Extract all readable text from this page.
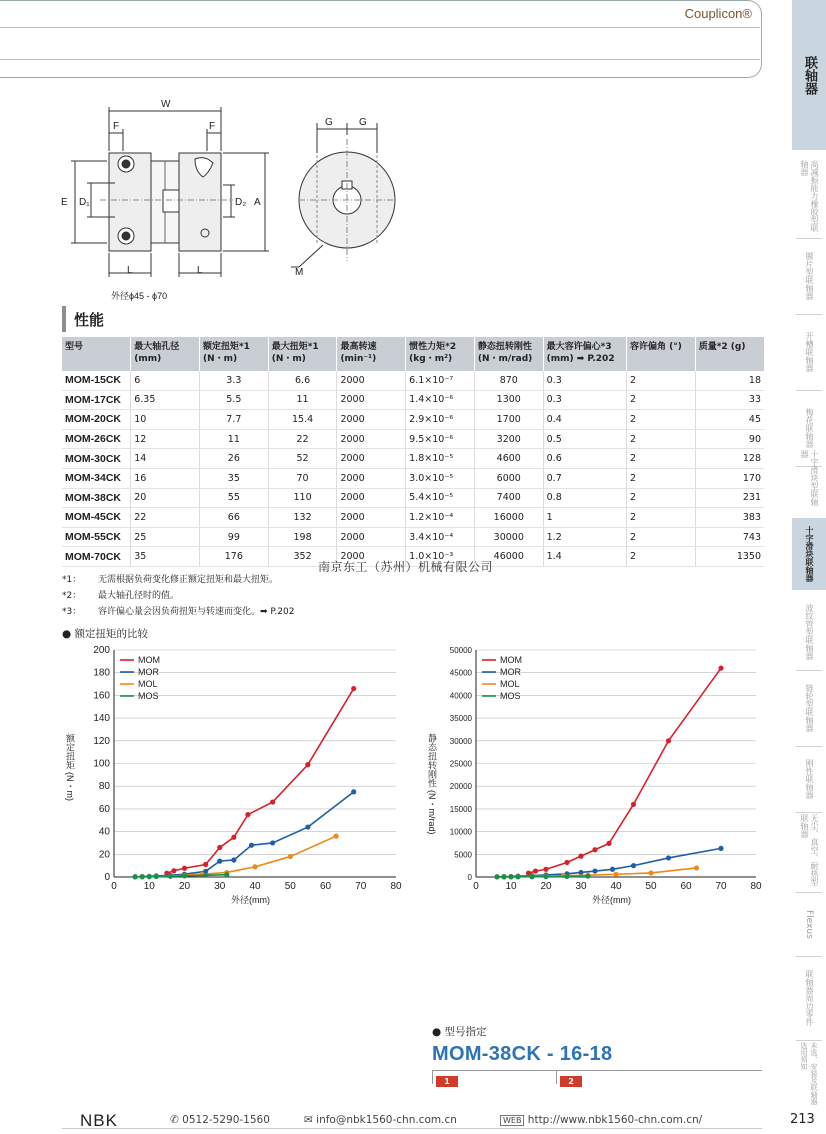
Couplicon®
联轴器
高减振能力橡胶型联轴器
膜片型联轴器
开槽联轴器
梅花联轴器
十字滑块型联轴器
十字滑块联轴器
波纹管型联轴器
链轮型联轴器
刚性联轴器
无尘、真空、耐热型联轴器
Flexus
联轴器周边零件
未选、安装及联轴器选用须知
W
F	F
E D₁	D₂ A
L	L
G	G
M
外径ϕ45 - ϕ70
性能
型号	最大轴孔径 (mm)	额定扭矩*1 (N・m)	最大扭矩*1 (N・m)	最高转速 (min⁻¹)	惯性力矩*2 (kg・m²)	静态扭转刚性 (N・m/rad)	最大容许偏心*3 (mm) ➡ P.202	容许偏角 (°)	质量*2 (g)
MOM-15CK	6	3.3	6.6	2000	6.1×10⁻⁷	870	0.3	2	18
MOM-17CK	6.35	5.5	11	2000	1.4×10⁻⁶	1300	0.3	2	33
MOM-20CK	10	7.7	15.4	2000	2.9×10⁻⁶	1700	0.4	2	45
MOM-26CK	12	11	22	2000	9.5×10⁻⁶	3200	0.5	2	90
MOM-30CK	14	26	52	2000	1.8×10⁻⁵	4600	0.6	2	128
MOM-34CK	16	35	70	2000	3.0×10⁻⁵	6000	0.7	2	170
MOM-38CK	20	55	110	2000	5.4×10⁻⁵	7400	0.8	2	231
MOM-45CK	22	66	132	2000	1.2×10⁻⁴	16000	1	2	383
MOM-55CK	25	99	198	2000	3.4×10⁻⁴	30000	1.2	2	743
MOM-70CK	35	176	352	2000	1.0×10⁻³	46000	1.4	2	1350
南京东工（苏州）机械有限公司
*1： 无需根据负荷变化修正额定扭矩和最大扭矩。
*2： 最大轴孔径时的值。
*3： 容许偏心量会因负荷扭矩与转速而变化。➡ P.202
● 额定扭矩的比较
0
20
40
60
80
100
120
140
160
180
200
0	10 20 30 40 50 60 70 80
外径(mm)
额定扭矩 (N・m)
MOM
MOR
MOL
MOS
0
5000
10000
15000
20000
25000
30000
35000
40000
45000
50000
0	10 20 30 40 50 60 70 80
外径(mm)
静态扭转刚性 (N・m/rad)
MOM
MOR
MOL
MOS
● 型号指定
MOM-38CK - 16-18
1	2
NBK	✆ 0512-5290-1560	✉ info@nbk1560-chn.com.cn	WEB http://www.nbk1560-chn.com.cn/	213
